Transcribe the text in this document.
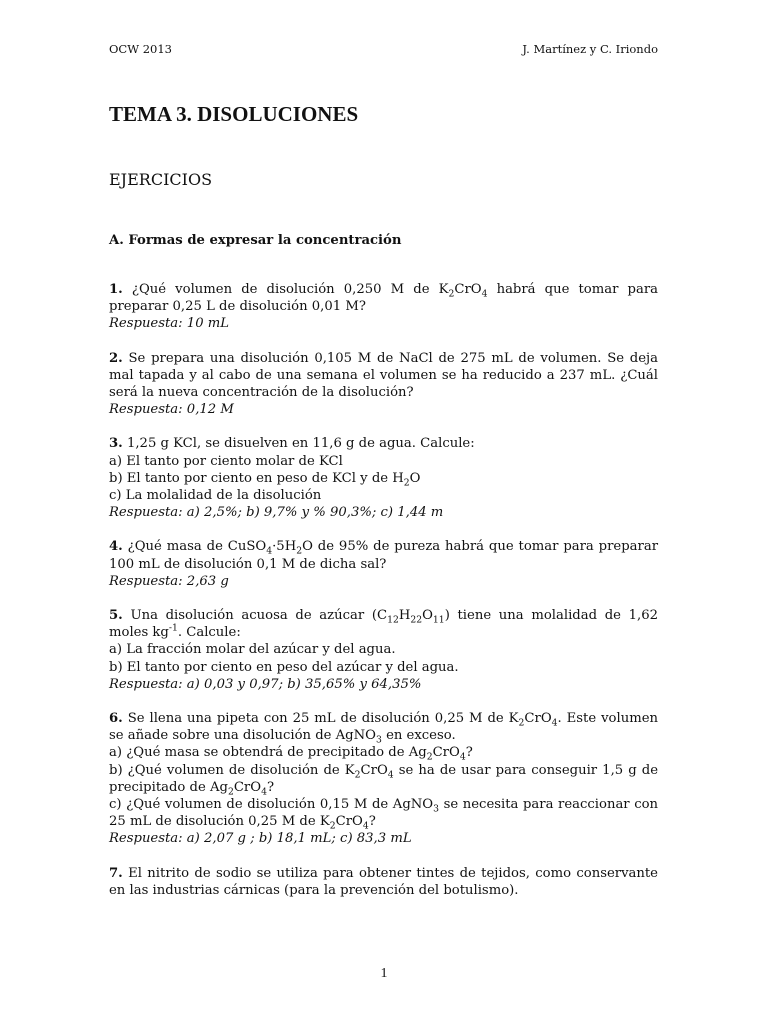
OCW 2013	J. Martínez y C. Iriondo
TEMA 3. DISOLUCIONES
EJERCICIOS
A. Formas de expresar la concentración

1. ¿Qué volumen de disolución 0,250 M de $K_2CrO_4$ habrá que tomar para preparar 0,25 L de disolución 0,01 M?

Respuesta: 10 mL

2. Se prepara una disolución 0,105 M de NaCl de 275 mL de volumen. Se deja mal tapada y al cabo de una semana el volumen se ha reducido a 237 mL. ¿Cuál será la nueva concentración de la disolución?

Respuesta: 0,12 M

3. 1,25 g KCl, se disuelven en 11,6 g de agua. Calcule:

a) El tanto por ciento molar de KCl

b) El tanto por ciento en peso de KCl y de $H_2O$

c) La molalidad de la disolución

Respuesta: a) 2,5%; b) 9,7% y % 90,3%; c) 1,44 m

4. ¿Qué masa de $CuSO_4\cdot 5H_2O$ de 95% de pureza habrá que tomar para preparar 100 mL de disolución 0,1 M de dicha sal?

Respuesta: 2,63 g

5. Una disolución acuosa de azúcar $(C_{12}H_{22}O_{11})$ tiene una molalidad de 1,62 moles $kg^{-1}$. Calcule:

a) La fracción molar del azúcar y del agua.

b) El tanto por ciento en peso del azúcar y del agua.

Respuesta: a) 0,03 y 0,97; b) 35,65% y 64,35%

6. Se llena una pipeta con 25 mL de disolución 0,25 M de $K_2CrO_4$. Este volumen se añade sobre una disolución de AgNO$_3$ en exceso.

a) ¿Qué masa se obtendrá de precipitado de $Ag_2CrO_4$?

b) ¿Qué volumen de disolución de $K_2CrO_4$ se ha de usar para conseguir 1,5 g de precipitado de $Ag_2CrO_4$?

c) ¿Qué volumen de disolución 0,15 M de AgNO$_3$ se necesita para reaccionar con 25 mL de disolución 0,25 M de $K_2CrO_4$?

Respuesta: a) 2,07 g ; b) 18,1 mL; c) 83,3 mL

7. El nitrito de sodio se utiliza para obtener tintes de tejidos, como conservante en las industrias cárnicas (para la prevención del botulismo).

1
